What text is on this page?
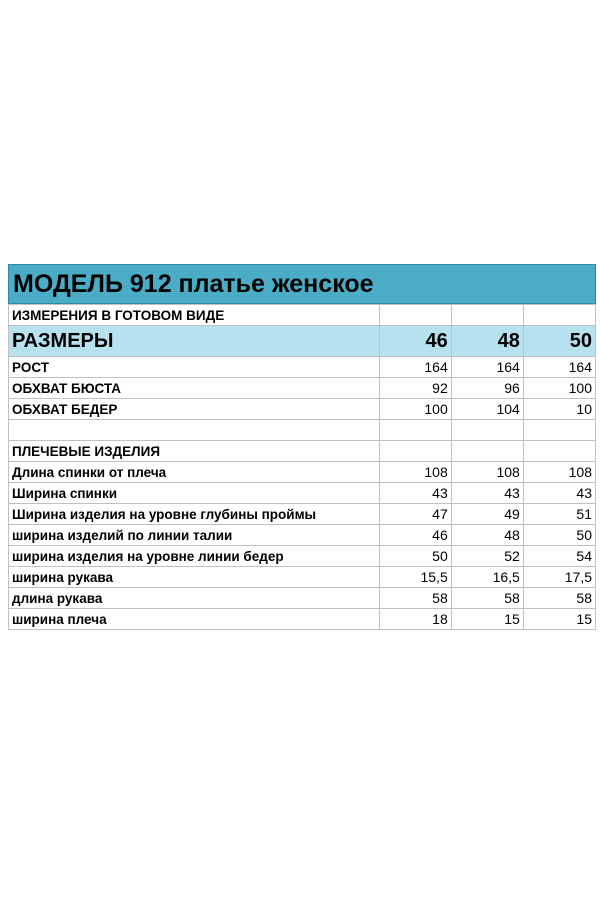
МОДЕЛЬ 912 платье женское
ИЗМЕРЕНИЯ В ГОТОВОМ ВИДЕ			
РАЗМЕРЫ	46	48	50
РОСТ	164	164	164
ОБХВАТ БЮСТА	92	96	100
ОБХВАТ БЕДЕР	100	104	10

ПЛЕЧЕВЫЕ ИЗДЕЛИЯ			
Длина спинки от плеча	108	108	108
Ширина спинки	43	43	43
Ширина изделия на уровне глубины проймы	47	49	51
ширина изделий по линии талии	46	48	50
ширина изделия на уровне линии бедер	50	52	54
ширина рукава	15,5	16,5	17,5
длина рукава	58	58	58
ширина плеча	18	15	15
